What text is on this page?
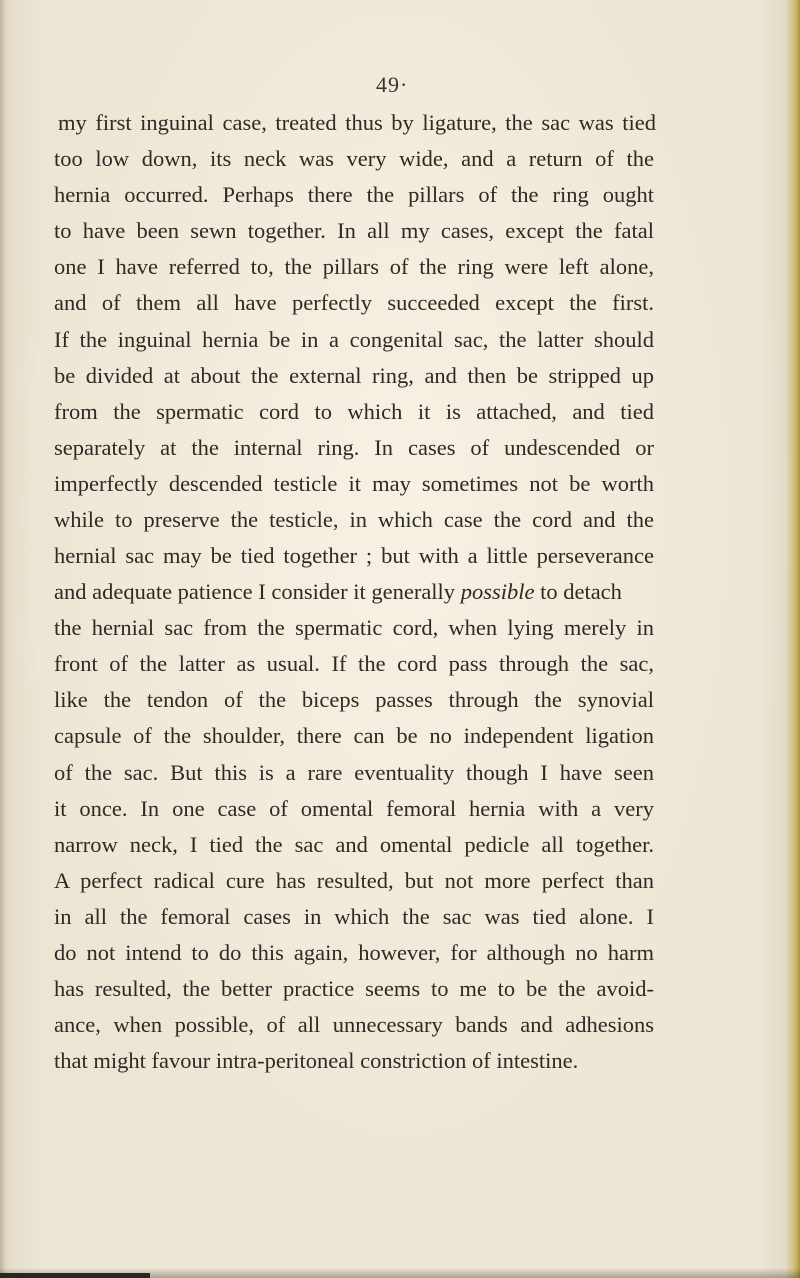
49·
my first inguinal case, treated thus by ligature, the sac was tied
too low down, its neck was very wide, and a return of the
hernia occurred. Perhaps there the pillars of the ring ought
to have been sewn together. In all my cases, except the fatal
one I have referred to, the pillars of the ring were left alone,
and of them all have perfectly succeeded except the first.
If the inguinal hernia be in a congenital sac, the latter should
be divided at about the external ring, and then be stripped up
from the spermatic cord to which it is attached, and tied
separately at the internal ring. In cases of undescended or
imperfectly descended testicle it may sometimes not be worth
while to preserve the testicle, in which case the cord and the
hernial sac may be tied together ; but with a little perseverance
and adequate patience I consider it generally possible to detach
the hernial sac from the spermatic cord, when lying merely in
front of the latter as usual. If the cord pass through the sac,
like the tendon of the biceps passes through the synovial
capsule of the shoulder, there can be no independent ligation
of the sac. But this is a rare eventuality though I have seen
it once. In one case of omental femoral hernia with a very
narrow neck, I tied the sac and omental pedicle all together.
A perfect radical cure has resulted, but not more perfect than
in all the femoral cases in which the sac was tied alone. I
do not intend to do this again, however, for although no harm
has resulted, the better practice seems to me to be the avoid-
ance, when possible, of all unnecessary bands and adhesions
that might favour intra-peritoneal constriction of intestine.
